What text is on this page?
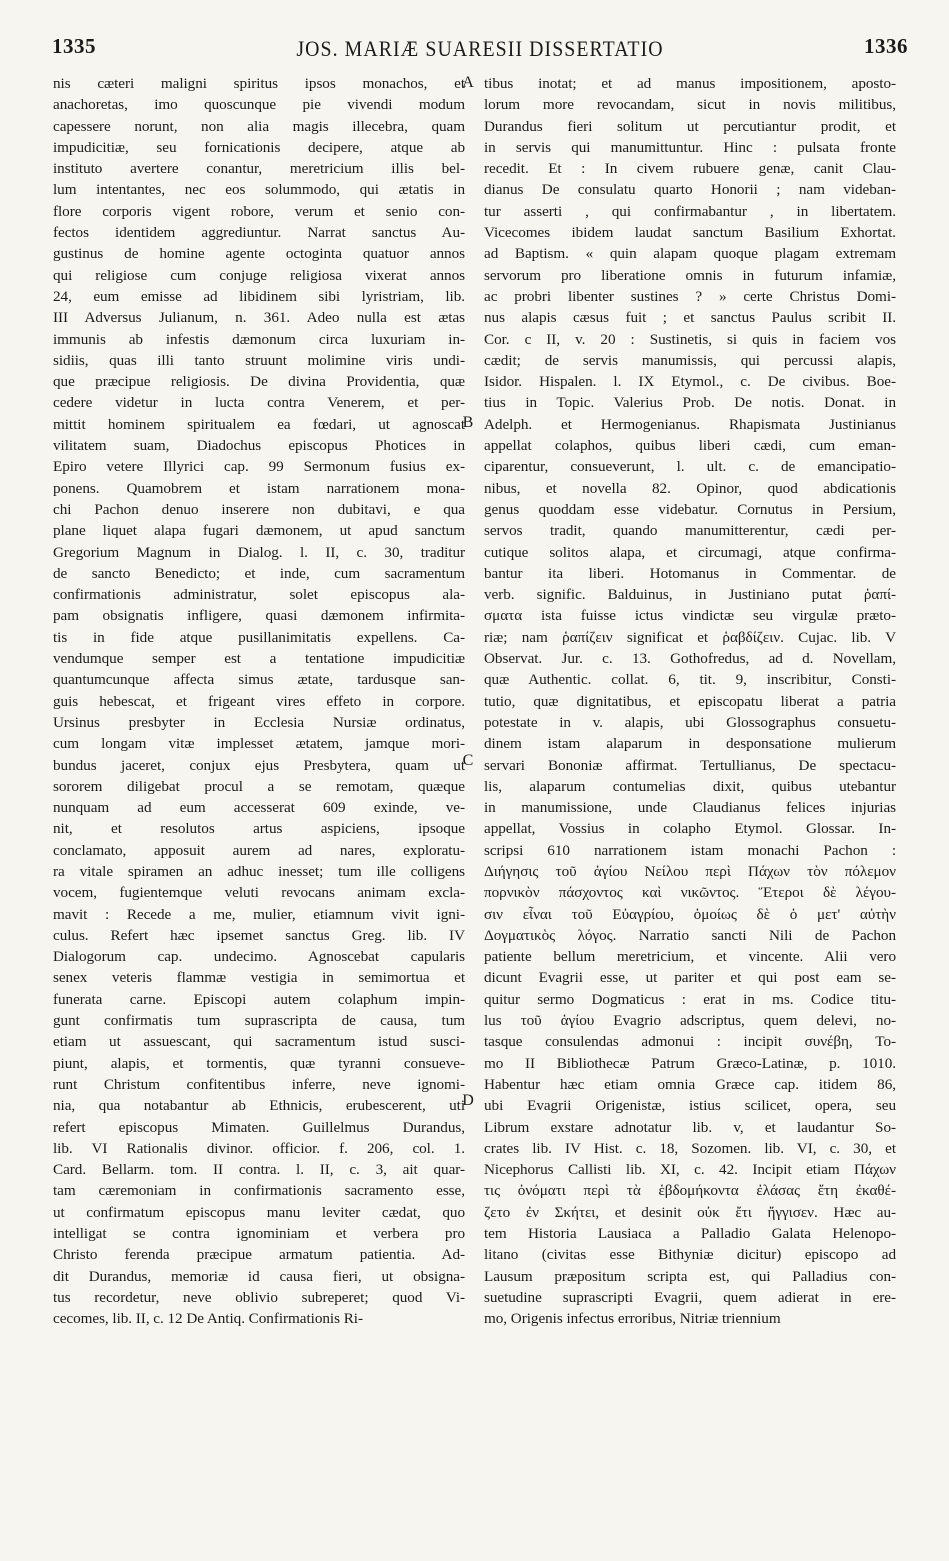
1335	JOS. MARIÆ SUARESII DISSERTATIO	1336
nis cæteri maligni spiritus ipsos monachos, et
anachoretas, imo quoscunque pie vivendi modum
capessere norunt, non alia magis illecebra, quam
impudicitiæ, seu fornicationis decipere, atque ab
instituto avertere conantur, meretricium illis bel-
lum intentantes, nec eos solummodo, qui ætatis in
flore corporis vigent robore, verum et senio con-
fectos identidem aggrediuntur. Narrat sanctus Au-
gustinus de homine agente octoginta quatuor annos
qui religiose cum conjuge religiosa vixerat annos
24, eum emisse ad libidinem sibi lyristriam, lib.
III Adversus Julianum, n. 361. Adeo nulla est ætas
immunis ab infestis dæmonum circa luxuriam in-
sidiis, quas illi tanto struunt molimine viris undi-
que præcipue religiosis. De divina Providentia, quæ
cedere videtur in lucta contra Venerem, et per-
mittit hominem spiritualem ea fœdari, ut agnoscat
vilitatem suam, Diadochus episcopus Photices in
Epiro vetere Illyrici cap. 99 Sermonum fusius ex-
ponens. Quamobrem et istam narrationem mona-
chi Pachon denuo inserere non dubitavi, e qua
plane liquet alapa fugari dæmonem, ut apud sanctum
Gregorium Magnum in Dialog. l. II, c. 30, traditur
de sancto Benedicto; et inde, cum sacramentum
confirmationis administratur, solet episcopus ala-
pam obsignatis infligere, quasi dæmonem infirmita-
tis in fide atque pusillanimitatis expellens. Ca-
vendumque semper est a tentatione impudicitiæ
quantumcunque affecta simus ætate, tardusque san-
guis hebescat, et frigeant vires effeto in corpore.
Ursinus presbyter in Ecclesia Nursiæ ordinatus,
cum longam vitæ implesset ætatem, jamque mori-
bundus jaceret, conjux ejus Presbytera, quam ut
sororem diligebat procul a se remotam, quæque
nunquam ad eum accesserat 609 exinde, ve-
nit, et resolutos artus aspiciens, ipsoque
conclamato, apposuit aurem ad nares, exploratu-
ra vitale spiramen an adhuc inesset; tum ille colligens
vocem, fugientemque veluti revocans animam excla-
mavit : Recede a me, mulier, etiamnum vivit igni-
culus. Refert hæc ipsemet sanctus Greg. lib. IV
Dialogorum cap. undecimo. Agnoscebat capularis
senex veteris flammæ vestigia in semimortua et
funerata carne. Episcopi autem colaphum impin-
gunt confirmatis tum suprascripta de causa, tum
etiam ut assuescant, qui sacramentum istud susci-
piunt, alapis, et tormentis, quæ tyranni consueve-
runt Christum confitentibus inferre, neve ignomi-
nia, qua notabantur ab Ethnicis, erubescerent, uti
refert episcopus Mimaten. Guillelmus Durandus,
lib. VI Rationalis divinor. officior. f. 206, col. 1.
Card. Bellarm. tom. II contra. l. II, c. 3, ait quar-
tam cæremoniam in confirmationis sacramento esse,
ut confirmatum episcopus manu leviter cædat, quo
intelligat se contra ignominiam et verbera pro
Christo ferenda præcipue armatum patientia. Ad-
dit Durandus, memoriæ id causa fieri, ut obsigna-
tus recordetur, neve oblivio subreperet; quod Vi-
cecomes, lib. II, c. 12 De Antiq. Confirmationis Ri-
tibus inotat; et ad manus impositionem, aposto-
lorum more revocandam, sicut in novis militibus,
Durandus fieri solitum ut percutiantur prodit, et
in servis qui manumittuntur. Hinc : pulsata fronte
recedit. Et : In civem rubuere genæ, canit Clau-
dianus De consulatu quarto Honorii ; nam videban-
tur asserti , qui confirmabantur , in libertatem.
Vicecomes ibidem laudat sanctum Basilium Exhortat.
ad Baptism. « quin alapam quoque plagam extremam
servorum pro liberatione omnis in futurum infamiæ,
ac probri libenter sustines ? » certe Christus Domi-
nus alapis cæsus fuit ; et sanctus Paulus scribit II.
Cor. c II, v. 20 : Sustinetis, si quis in faciem vos
cædit; de servis manumissis, qui percussi alapis,
Isidor. Hispalen. l. IX Etymol., c. De civibus. Boe-
tius in Topic. Valerius Prob. De notis. Donat. in
Adelph. et Hermogenianus. Rhapismata Justinianus
appellat colaphos, quibus liberi cædi, cum eman-
ciparentur, consueverunt, l. ult. c. de emancipatio-
nibus, et novella 82. Opinor, quod abdicationis
genus quoddam esse videbatur. Cornutus in Persium,
servos tradit, quando manumitterentur, cædi per-
cutique solitos alapa, et circumagi, atque confirma-
bantur ita liberi. Hotomanus in Commentar. de
verb. signific. Balduinus, in Justiniano putat ῥαπί-
σματα ista fuisse ictus vindictæ seu virgulæ præto-
riæ; nam ῥαπίζειν significat et ῥαβδίζειν. Cujac. lib. V
Observat. Jur. c. 13. Gothofredus, ad d. Novellam,
quæ Authentic. collat. 6, tit. 9, inscribitur, Consti-
tutio, quæ dignitatibus, et episcopatu liberat a patria
potestate in v. alapis, ubi Glossographus consuetu-
dinem istam alaparum in desponsatione mulierum
servari Bononiæ affirmat. Tertullianus, De spectacu-
lis, alaparum contumelias dixit, quibus utebantur
in manumissione, unde Claudianus felices injurias
appellat, Vossius in colapho Etymol. Glossar. In-
scripsi 610 narrationem istam monachi Pachon :
Διήγησις τοῦ ἁγίου Νείλου περὶ Πάχων τὸν πόλεμον
πορνικὸν πάσχοντος καὶ νικῶντος. Ἕτεροι δὲ λέγου-
σιν εἶναι τοῦ Εὐαγρίου, ὁμοίως δὲ ὁ μετ' αὐτὴν
Δογματικὸς λόγος. Narratio sancti Nili de Pachon
patiente bellum meretricium, et vincente. Alii vero
dicunt Evagrii esse, ut pariter et qui post eam se-
quitur sermo Dogmaticus : erat in ms. Codice titu-
lus τοῦ ἁγίου Evagrio adscriptus, quem delevi, no-
tasque consulendas admonui : incipit συνέβη, To-
mo II Bibliothecæ Patrum Græco-Latinæ, p. 1010.
Habentur hæc etiam omnia Græce cap. itidem 86,
ubi Evagrii Origenistæ, istius scilicet, opera, seu
Librum exstare adnotatur lib. v, et laudantur So-
crates lib. IV Hist. c. 18, Sozomen. lib. VI, c. 30, et
Nicephorus Callisti lib. XI, c. 42. Incipit etiam Πάχων
τις ὀνόματι περὶ τὰ ἑβδομήκοντα ἐλάσας ἔτη ἐκαθέ-
ζετο ἐν Σκήτει, et desinit οὐκ ἔτι ἤγγισεν. Hæc au-
tem Historia Lausiaca a Palladio Galata Helenopo-
litano (civitas esse Bithyniæ dicitur) episcopo ad
Lausum præpositum scripta est, qui Palladius con-
suetudine suprascripti Evagrii, quem adierat in ere-
mo, Origenis infectus erroribus, Nitriæ triennium
A
B
C
D
